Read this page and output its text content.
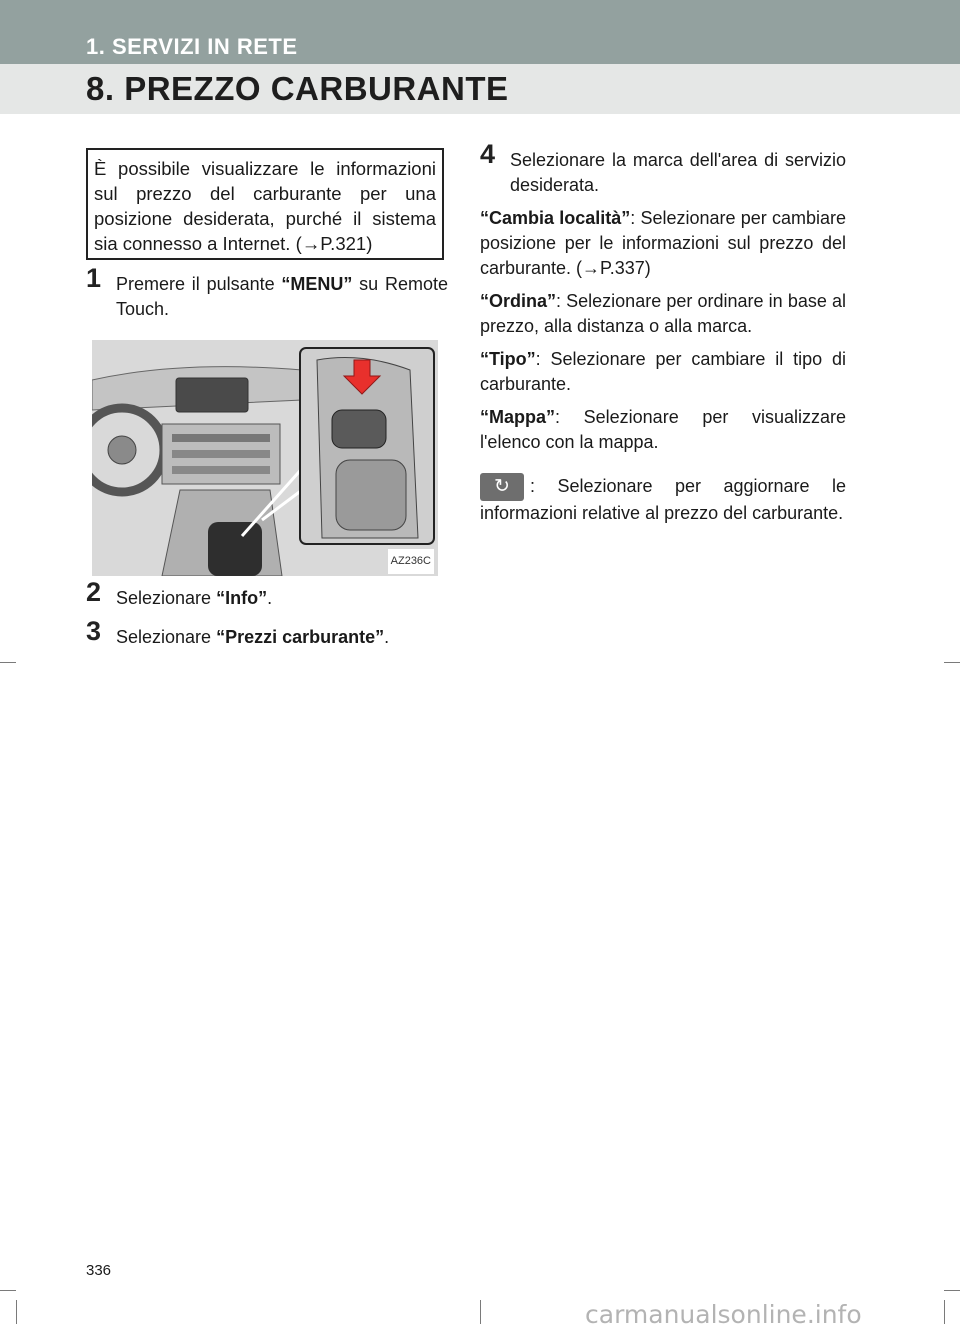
1. SERVIZI IN RETE
8. PREZZO CARBURANTE
È possibile visualizzare le informazioni sul prezzo del carburante per una posizione desiderata, purché il sistema sia connesso a Internet. (→P.321)
1 Premere il pulsante “MENU” su Remote Touch.
AZ236C
2 Selezionare “Info”.
3 Selezionare “Prezzi carburante”.
4 Selezionare la marca dell'area di servizio desiderata.

“Cambia località”: Selezionare per cambiare posizione per le informazioni sul prezzo del carburante. (→P.337)

“Ordina”: Selezionare per ordinare in base al prezzo, alla distanza o alla marca.

“Tipo”: Selezionare per cambiare il tipo di carburante.

“Mappa”: Selezionare per visualizzare l'elenco con la mappa.

↻ : Selezionare per aggiornare le informazioni relative al prezzo del carburante.

336
carmanualsonline.info
